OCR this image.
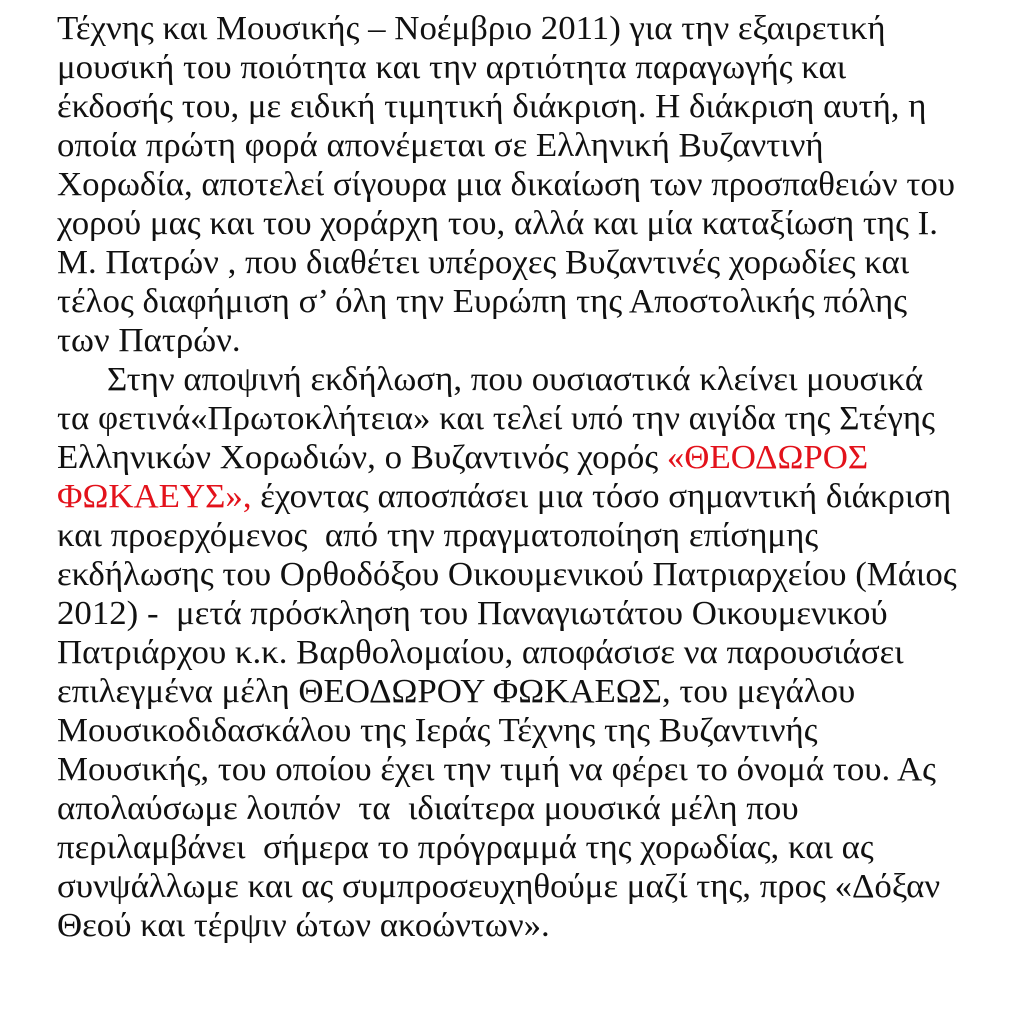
Τέχνης και Μουσικής – Νοέμβριο 2011) για την εξαιρετική
μουσική του ποιότητα και την αρτιότητα παραγωγής και
έκδοσής του, με ειδική τιμητική διάκριση. Η διάκριση αυτή, η
οποία πρώτη φορά απονέμεται σε Ελληνική Βυζαντινή
Χορωδία, αποτελεί σίγουρα μια δικαίωση των προσπαθειών του
χορού μας και του χοράρχη του, αλλά και μία καταξίωση της Ι.
Μ. Πατρών , που διαθέτει υπέροχες Βυζαντινές χορωδίες και
τέλος διαφήμιση σ’ όλη την Ευρώπη της Αποστολικής πόλης
των Πατρών.
Στην αποψινή εκδήλωση, που ουσιαστικά κλείνει μουσικά
τα φετινά«Πρωτοκλήτεια» και τελεί υπό την αιγίδα της Στέγης
Ελληνικών Χορωδιών, ο Βυζαντινός χορός «ΘΕΟΔΩΡΟΣ
ΦΩΚΑΕΥΣ», έχοντας αποσπάσει μια τόσο σημαντική διάκριση
και προερχόμενος  από την πραγματοποίηση επίσημης
εκδήλωσης του Ορθοδόξου Οικουμενικού Πατριαρχείου (Μάιος
2012) -  μετά πρόσκληση του Παναγιωτάτου Οικουμενικού
Πατριάρχου κ.κ. Βαρθολομαίου, αποφάσισε να παρουσιάσει
επιλεγμένα μέλη ΘΕΟΔΩΡΟΥ ΦΩΚΑΕΩΣ, του μεγάλου
Μουσικοδιδασκάλου της Ιεράς Τέχνης της Βυζαντινής
Μουσικής, του οποίου έχει την τιμή να φέρει το όνομά του. Ας
απολαύσωμε λοιπόν  τα  ιδιαίτερα μουσικά μέλη που
περιλαμβάνει  σήμερα το πρόγραμμά της χορωδίας, και ας
συνψάλλωμε και ας συμπροσευχηθούμε μαζί της, προς «Δόξαν
Θεού και τέρψιν ώτων ακοώντων».
